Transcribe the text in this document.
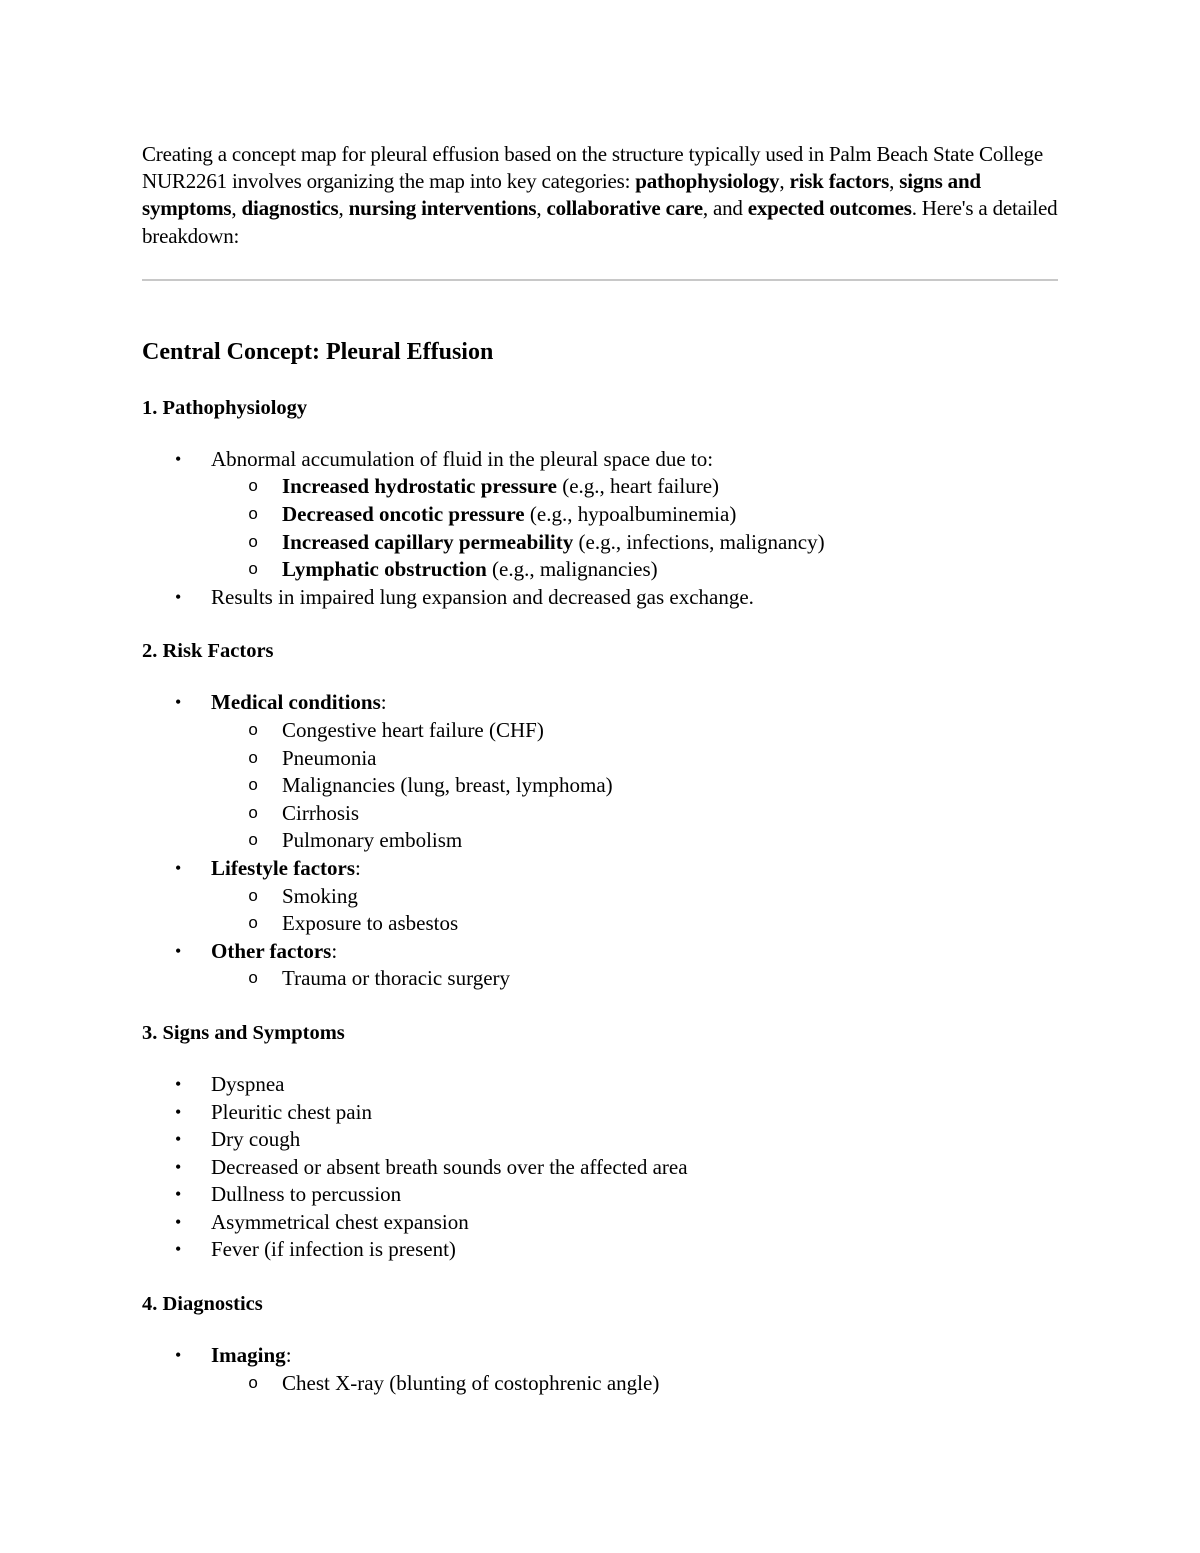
Creating a concept map for pleural effusion based on the structure typically used in Palm Beach State College NUR2261 involves organizing the map into key categories: pathophysiology, risk factors, signs and symptoms, diagnostics, nursing interventions, collaborative care, and expected outcomes. Here's a detailed breakdown:

Central Concept: Pleural Effusion
1. Pathophysiology
• Abnormal accumulation of fluid in the pleural space due to:
o Increased hydrostatic pressure (e.g., heart failure)
o Decreased oncotic pressure (e.g., hypoalbuminemia)
o Increased capillary permeability (e.g., infections, malignancy)
o Lymphatic obstruction (e.g., malignancies)
• Results in impaired lung expansion and decreased gas exchange.
2. Risk Factors
• Medical conditions:
o Congestive heart failure (CHF)
o Pneumonia
o Malignancies (lung, breast, lymphoma)
o Cirrhosis
o Pulmonary embolism
• Lifestyle factors:
o Smoking
o Exposure to asbestos
• Other factors:
o Trauma or thoracic surgery
3. Signs and Symptoms
• Dyspnea
• Pleuritic chest pain
• Dry cough
• Decreased or absent breath sounds over the affected area
• Dullness to percussion
• Asymmetrical chest expansion
• Fever (if infection is present)
4. Diagnostics
• Imaging:
o Chest X-ray (blunting of costophrenic angle)
